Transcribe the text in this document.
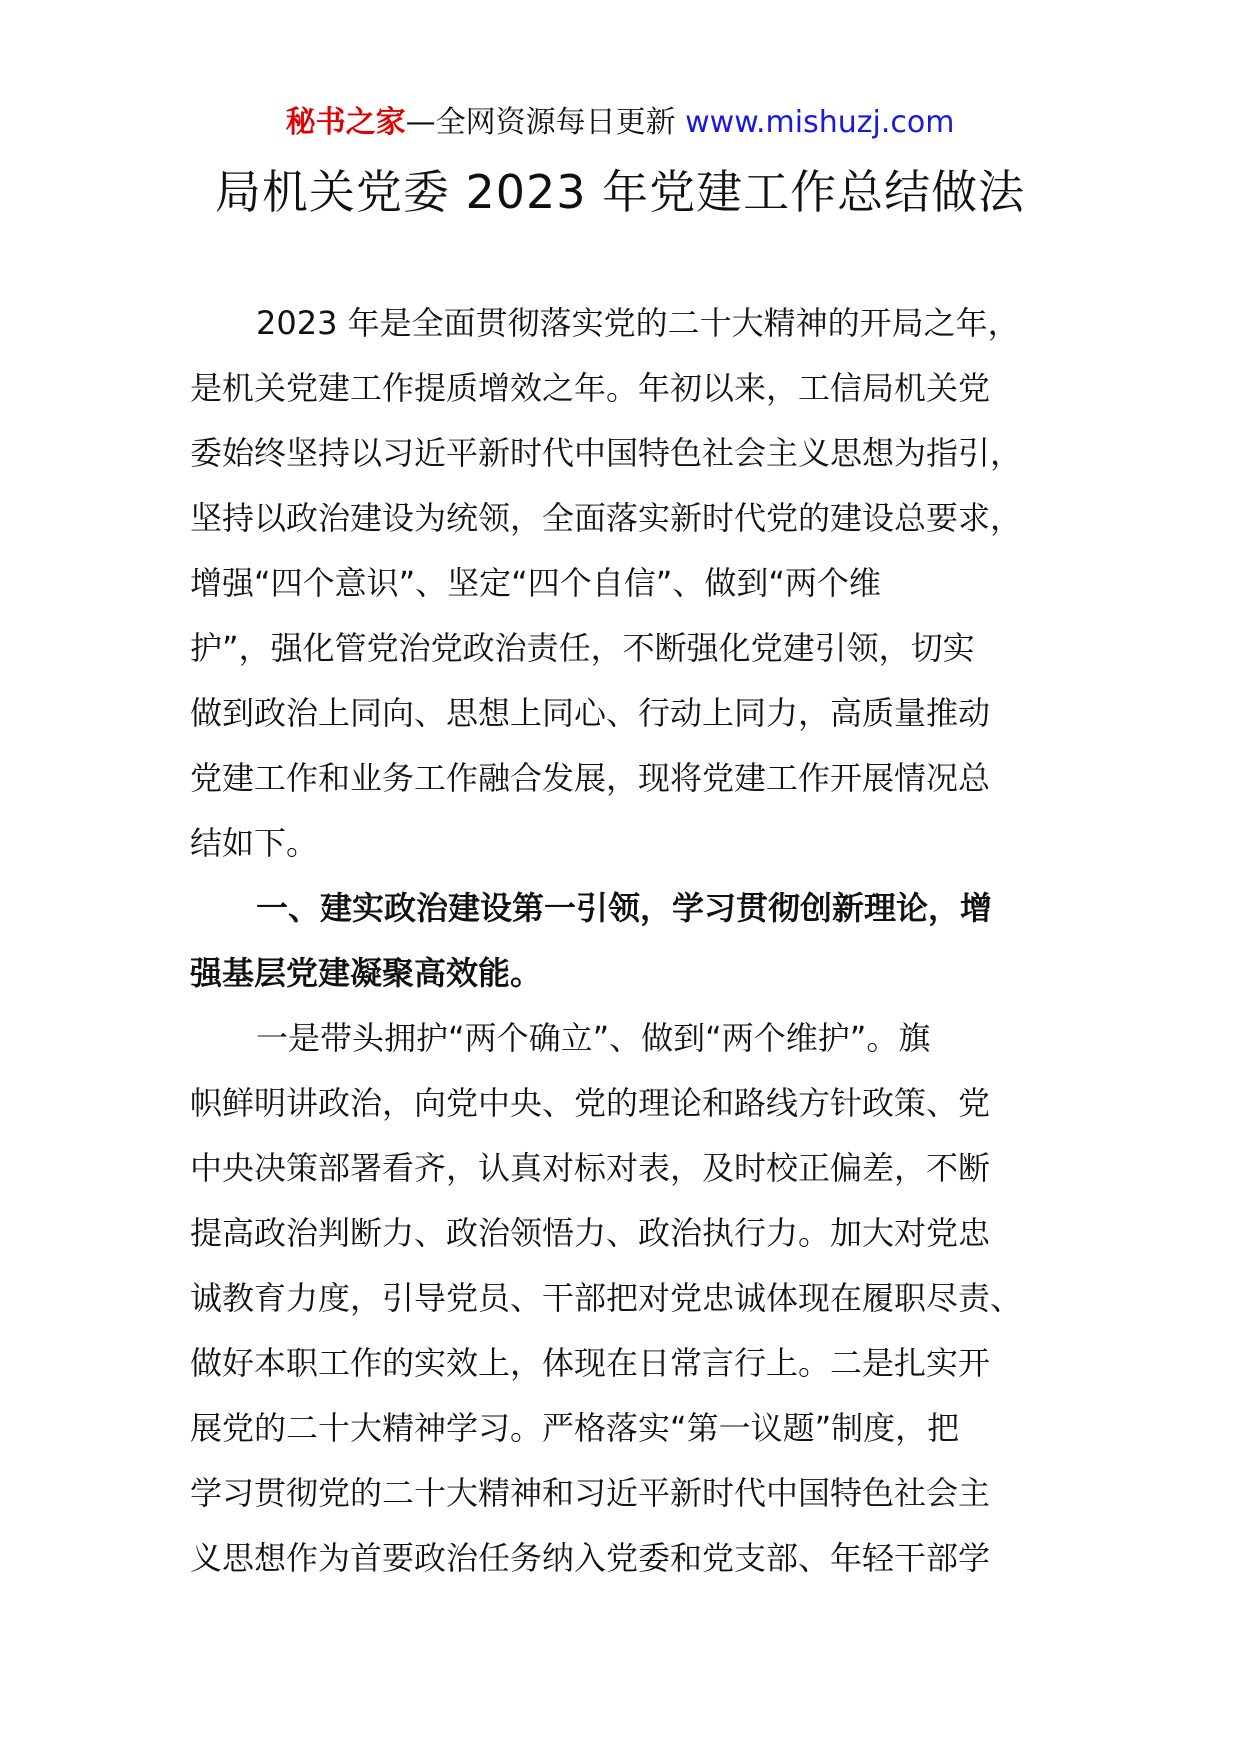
秘书之家—全网资源每日更新 www.mishuzj.com
局机关党委 2023 年党建工作总结做法
2023 年是全面贯彻落实党的二十大精神的开局之年，
是机关党建工作提质增效之年。年初以来，工信局机关党
委始终坚持以习近平新时代中国特色社会主义思想为指引，
坚持以政治建设为统领，全面落实新时代党的建设总要求，
增强“四个意识”、坚定“四个自信”、做到“两个维
护”，强化管党治党政治责任，不断强化党建引领，切实
做到政治上同向、思想上同心、行动上同力，高质量推动
党建工作和业务工作融合发展，现将党建工作开展情况总
结如下。
一、建实政治建设第一引领，学习贯彻创新理论，增
强基层党建凝聚高效能。
一是带头拥护“两个确立”、做到“两个维护”。旗
帜鲜明讲政治，向党中央、党的理论和路线方针政策、党
中央决策部署看齐，认真对标对表，及时校正偏差，不断
提高政治判断力、政治领悟力、政治执行力。加大对党忠
诚教育力度，引导党员、干部把对党忠诚体现在履职尽责、
做好本职工作的实效上，体现在日常言行上。二是扎实开
展党的二十大精神学习。严格落实“第一议题”制度，把
学习贯彻党的二十大精神和习近平新时代中国特色社会主
义思想作为首要政治任务纳入党委和党支部、年轻干部学
